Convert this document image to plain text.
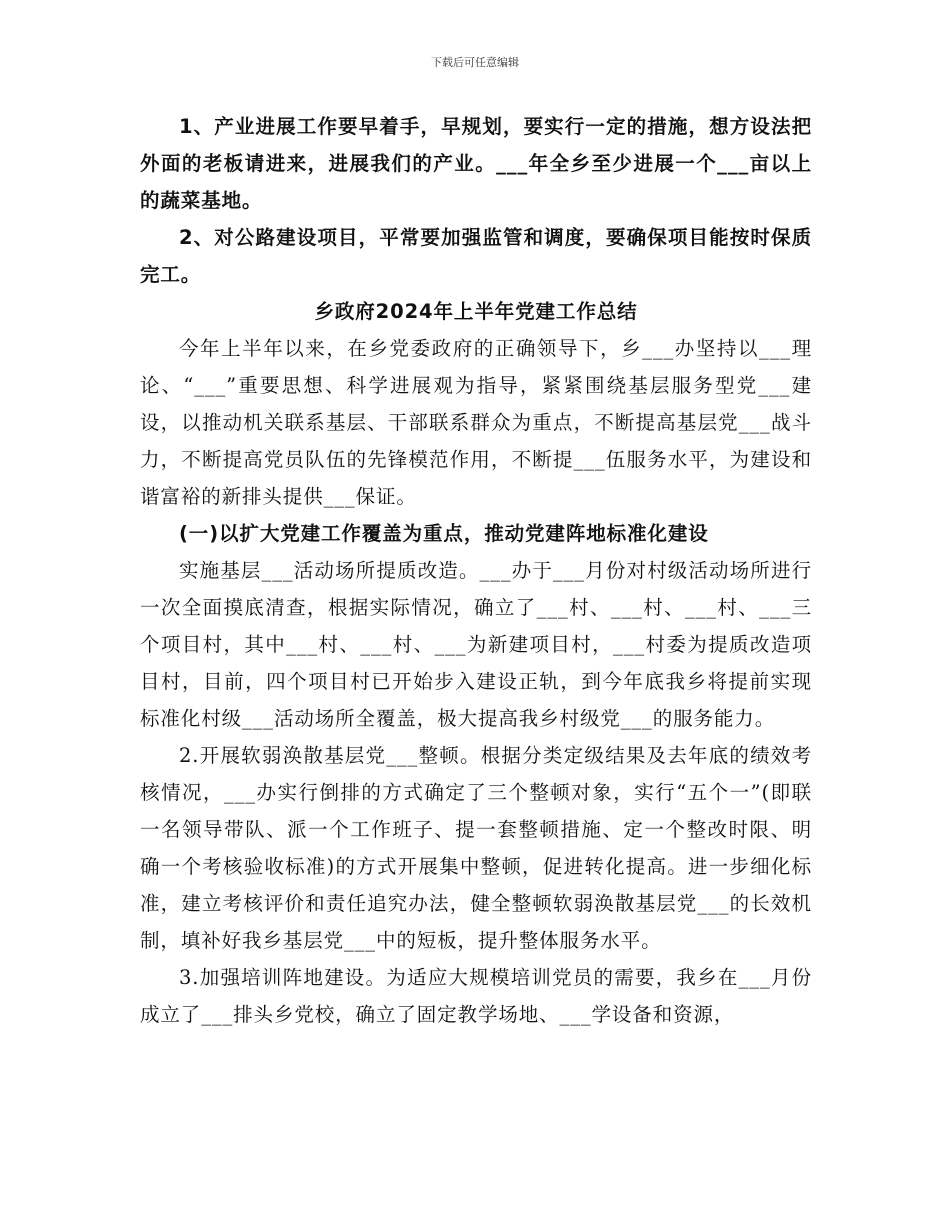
下载后可任意编辑

1、产业进展工作要早着手，早规划，要实行一定的措施，想方设法把外面的老板请进来，进展我们的产业。___年全乡至少进展一个___亩以上的蔬菜基地。

2、对公路建设项目，平常要加强监管和调度，要确保项目能按时保质完工。

乡政府2024年上半年党建工作总结

今年上半年以来，在乡党委政府的正确领导下，乡___办坚持以___理论、“___”重要思想、科学进展观为指导，紧紧围绕基层服务型党___建设，以推动机关联系基层、干部联系群众为重点，不断提高基层党___战斗力，不断提高党员队伍的先锋模范作用，不断提___伍服务水平，为建设和谐富裕的新排头提供___保证。

(一)以扩大党建工作覆盖为重点，推动党建阵地标准化建设

实施基层___活动场所提质改造。___办于___月份对村级活动场所进行一次全面摸底清查，根据实际情况，确立了___村、___村、___村、___三个项目村，其中___村、___村、___为新建项目村，___村委为提质改造项目村，目前，四个项目村已开始步入建设正轨，到今年底我乡将提前实现标准化村级___活动场所全覆盖，极大提高我乡村级党___的服务能力。

2.开展软弱涣散基层党___整顿。根据分类定级结果及去年底的绩效考核情况，___办实行倒排的方式确定了三个整顿对象，实行“五个一”(即联一名领导带队、派一个工作班子、提一套整顿措施、定一个整改时限、明确一个考核验收标准)的方式开展集中整顿，促进转化提高。进一步细化标准，建立考核评价和责任追究办法，健全整顿软弱涣散基层党___的长效机制，填补好我乡基层党___中的短板，提升整体服务水平。

3.加强培训阵地建设。为适应大规模培训党员的需要，我乡在___月份成立了___排头乡党校，确立了固定教学场地、___学设备和资源，
